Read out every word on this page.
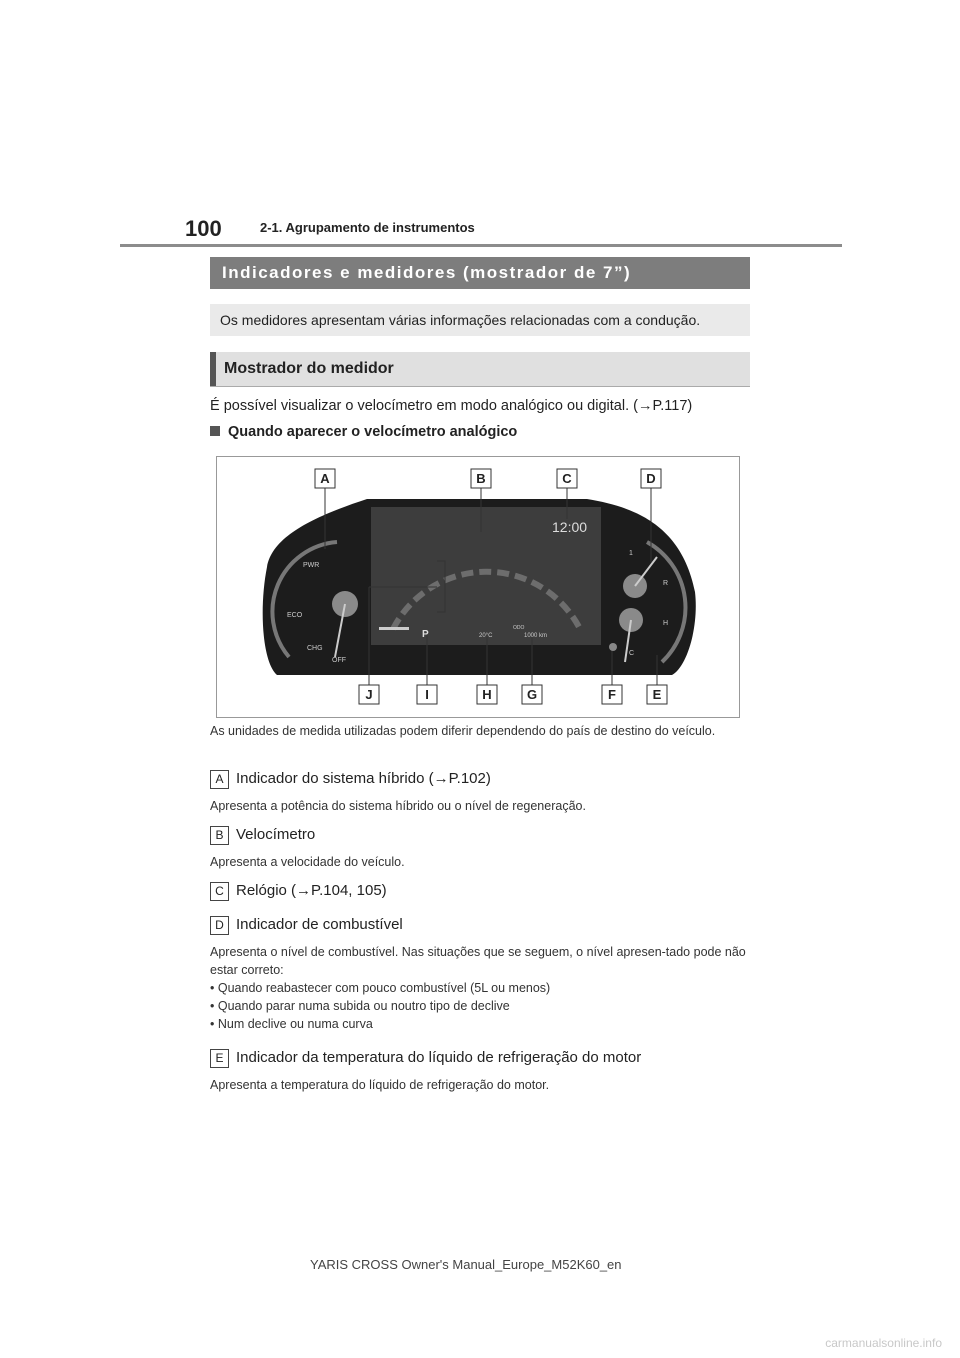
100	2-1. Agrupamento de instrumentos
Indicadores e medidores (mostrador de 7”)
Os medidores apresentam várias informações relacionadas com a condução.
Mostrador do medidor
É possível visualizar o velocímetro em modo analógico ou digital. (→P.117)
Quando aparecer o velocímetro analógico
12:00
PWR
ECO
CHG
OFF
P	20°C
ODO
1000 km
1
R
H
C
A	B	C	D
J	I	H	G	F	E
As unidades de medida utilizadas podem diferir dependendo do país de destino do veículo.
A Indicador do sistema híbrido (→P.102)
Apresenta a potência do sistema híbrido ou o nível de regeneração.
B Velocímetro
Apresenta a velocidade do veículo.
C Relógio (→P.104, 105)
D Indicador de combustível
Apresenta o nível de combustível. Nas situações que se seguem, o nível apresen-tado pode não estar correto:
• Quando reabastecer com pouco combustível (5L ou menos)
• Quando parar numa subida ou noutro tipo de declive
• Num declive ou numa curva
E Indicador da temperatura do líquido de refrigeração do motor
Apresenta a temperatura do líquido de refrigeração do motor.
YARIS CROSS Owner's Manual_Europe_M52K60_en
carmanualsonline.info
